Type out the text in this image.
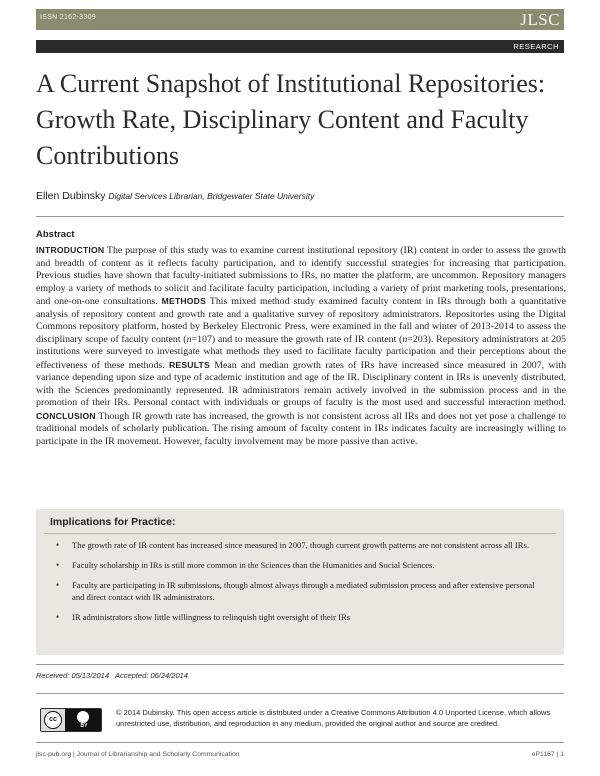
ISSN 2162-3309	JLSC
RESEARCH
A Current Snapshot of Institutional Repositories: Growth Rate, Disciplinary Content and Faculty Contributions
Ellen Dubinsky Digital Services Librarian, Bridgewater State University
Abstract

INTRODUCTION The purpose of this study was to examine current institutional repository (IR) content in order to assess the growth and breadth of content as it reflects faculty participation, and to identify successful strategies for increasing that participation. Previous studies have shown that faculty-initiated submissions to IRs, no matter the platform, are uncommon. Repository managers employ a variety of methods to solicit and facilitate faculty participation, including a variety of print marketing tools, presentations, and one-on-one consultations. METHODS This mixed method study examined faculty content in IRs through both a quantitative analysis of repository content and growth rate and a qualitative survey of repository administrators. Repositories using the Digital Commons repository platform, hosted by Berkeley Electronic Press, were examined in the fall and winter of 2013-2014 to assess the disciplinary scope of faculty content (n=107) and to measure the growth rate of IR content (n=203). Repository administrators at 205 institutions were surveyed to investigate what methods they used to facilitate faculty participation and their perceptions about the effectiveness of these methods. RESULTS Mean and median growth rates of IRs have increased since measured in 2007, with variance depending upon size and type of academic institution and age of the IR. Disciplinary content in IRs is unevenly distributed, with the Sciences predominantly represented. IR administrators remain actively involved in the submission process and in the promotion of their IRs. Personal contact with individuals or groups of faculty is the most used and successful interaction method. CONCLUSION Though IR growth rate has increased, the growth is not consistent across all IRs and does not yet pose a challenge to traditional models of scholarly publication. The rising amount of faculty content in IRs indicates faculty are increasingly willing to participate in the IR movement. However, faculty involvement may be more passive than active.

Implications for Practice:
• The growth rate of IR content has increased since measured in 2007, though current growth patterns are not consistent across all IRs.
• Faculty scholarship in IRs is still more common in the Sciences than the Humanities and Social Sciences.
• Faculty are participating in IR submissions, though almost always through a mediated submission process and after extensive personal and direct contact with IR administrators.
• IR administrators show little willingness to relinquish tight oversight of their IRs
Received: 05/13/2014 Accepted: 06/24/2014
cc
BY
© 2014 Dubinsky. This open access article is distributed under a Creative Commons Attribution 4.0 Unported License, which allows unrestricted use, distribution, and reproduction in any medium, provided the original author and source are credited.
jlsc-pub.org | Journal of Librarianship and Scholarly Communication	eP1167 | 1
